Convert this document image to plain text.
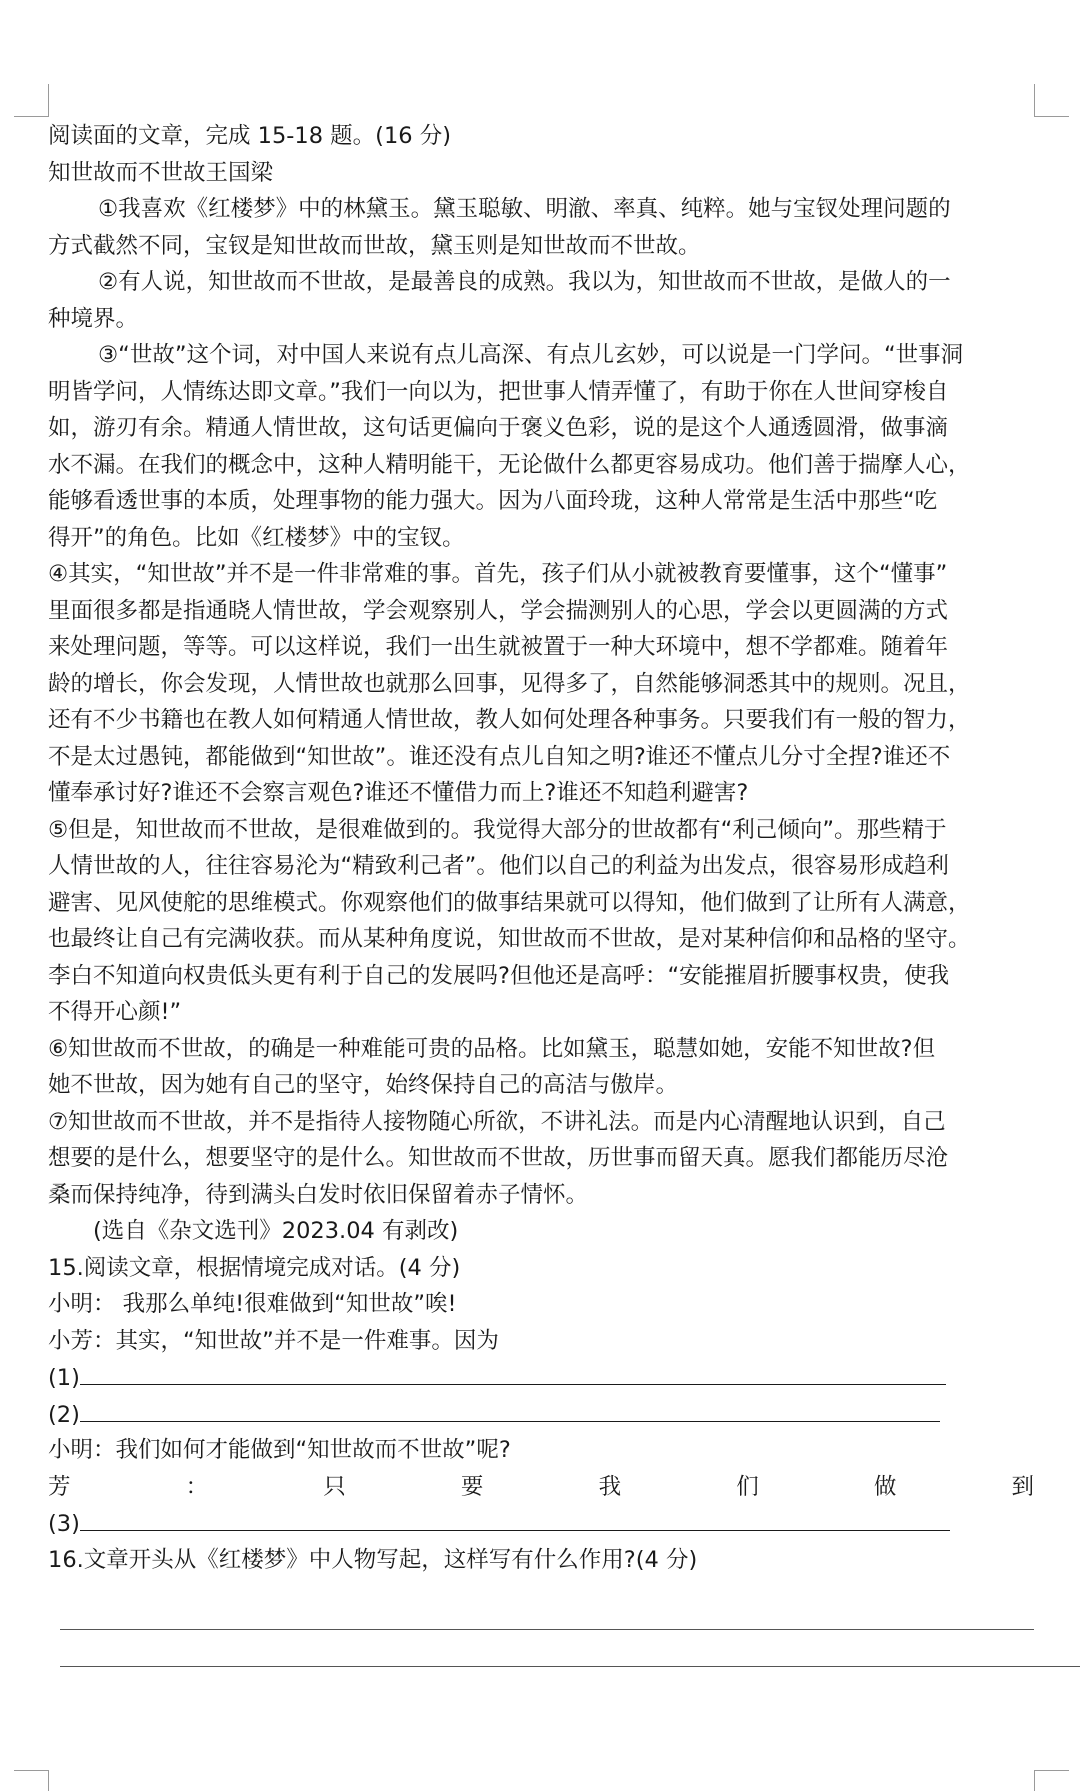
阅读面的文章，完成 15-18 题。(16 分)
知世故而不世故王国梁
①我喜欢《红楼梦》中的林黛玉。黛玉聪敏、明澈、率真、纯粹。她与宝钗处理问题的
方式截然不同，宝钗是知世故而世故，黛玉则是知世故而不世故。
②有人说，知世故而不世故，是最善良的成熟。我以为，知世故而不世故，是做人的一
种境界。
③“世故”这个词，对中国人来说有点儿高深、有点儿玄妙，可以说是一门学问。“世事洞
明皆学问，人情练达即文章。”我们一向以为，把世事人情弄懂了，有助于你在人世间穿梭自
如，游刃有余。精通人情世故，这句话更偏向于褒义色彩，说的是这个人通透圆滑，做事滴
水不漏。在我们的概念中，这种人精明能干，无论做什么都更容易成功。他们善于揣摩人心，
能够看透世事的本质，处理事物的能力强大。因为八面玲珑，这种人常常是生活中那些“吃
得开”的角色。比如《红楼梦》中的宝钗。
④其实，“知世故”并不是一件非常难的事。首先，孩子们从小就被教育要懂事，这个“懂事”
里面很多都是指通晓人情世故，学会观察别人，学会揣测别人的心思，学会以更圆满的方式
来处理问题，等等。可以这样说，我们一出生就被置于一种大环境中，想不学都难。随着年
龄的增长，你会发现，人情世故也就那么回事，见得多了，自然能够洞悉其中的规则。况且，
还有不少书籍也在教人如何精通人情世故，教人如何处理各种事务。只要我们有一般的智力，
不是太过愚钝，都能做到“知世故”。谁还没有点儿自知之明?谁还不懂点儿分寸全捏?谁还不
懂奉承讨好?谁还不会察言观色?谁还不懂借力而上?谁还不知趋利避害?
⑤但是，知世故而不世故，是很难做到的。我觉得大部分的世故都有“利己倾向”。那些精于
人情世故的人，往往容易沦为“精致利己者”。他们以自己的利益为出发点，很容易形成趋利
避害、见风使舵的思维模式。你观察他们的做事结果就可以得知，他们做到了让所有人满意，
也最终让自己有完满收获。而从某种角度说，知世故而不世故，是对某种信仰和品格的坚守。
李白不知道向权贵低头更有利于自己的发展吗?但他还是高呼：“安能摧眉折腰事权贵，使我
不得开心颜!”
⑥知世故而不世故，的确是一种难能可贵的品格。比如黛玉，聪慧如她，安能不知世故?但
她不世故，因为她有自己的坚守，始终保持自己的高洁与傲岸。
⑦知世故而不世故，并不是指待人接物随心所欲，不讲礼法。而是内心清醒地认识到，自己
想要的是什么，想要坚守的是什么。知世故而不世故，历世事而留天真。愿我们都能历尽沧
桑而保持纯净，待到满头白发时依旧保留着赤子情怀。
(选自《杂文选刊》2023.04 有剥改)
15.阅读文章，根据情境完成对话。(4 分)
小明： 我那么单纯!很难做到“知世故”唉!
小芳：其实，“知世故”并不是一件难事。因为
(1)
(2)
小明：我们如何才能做到“知世故而不世故”呢?
芳	：	只	要	我	们	做	到
(3)
16.文章开头从《红楼梦》中人物写起，这样写有什么作用?(4 分)
